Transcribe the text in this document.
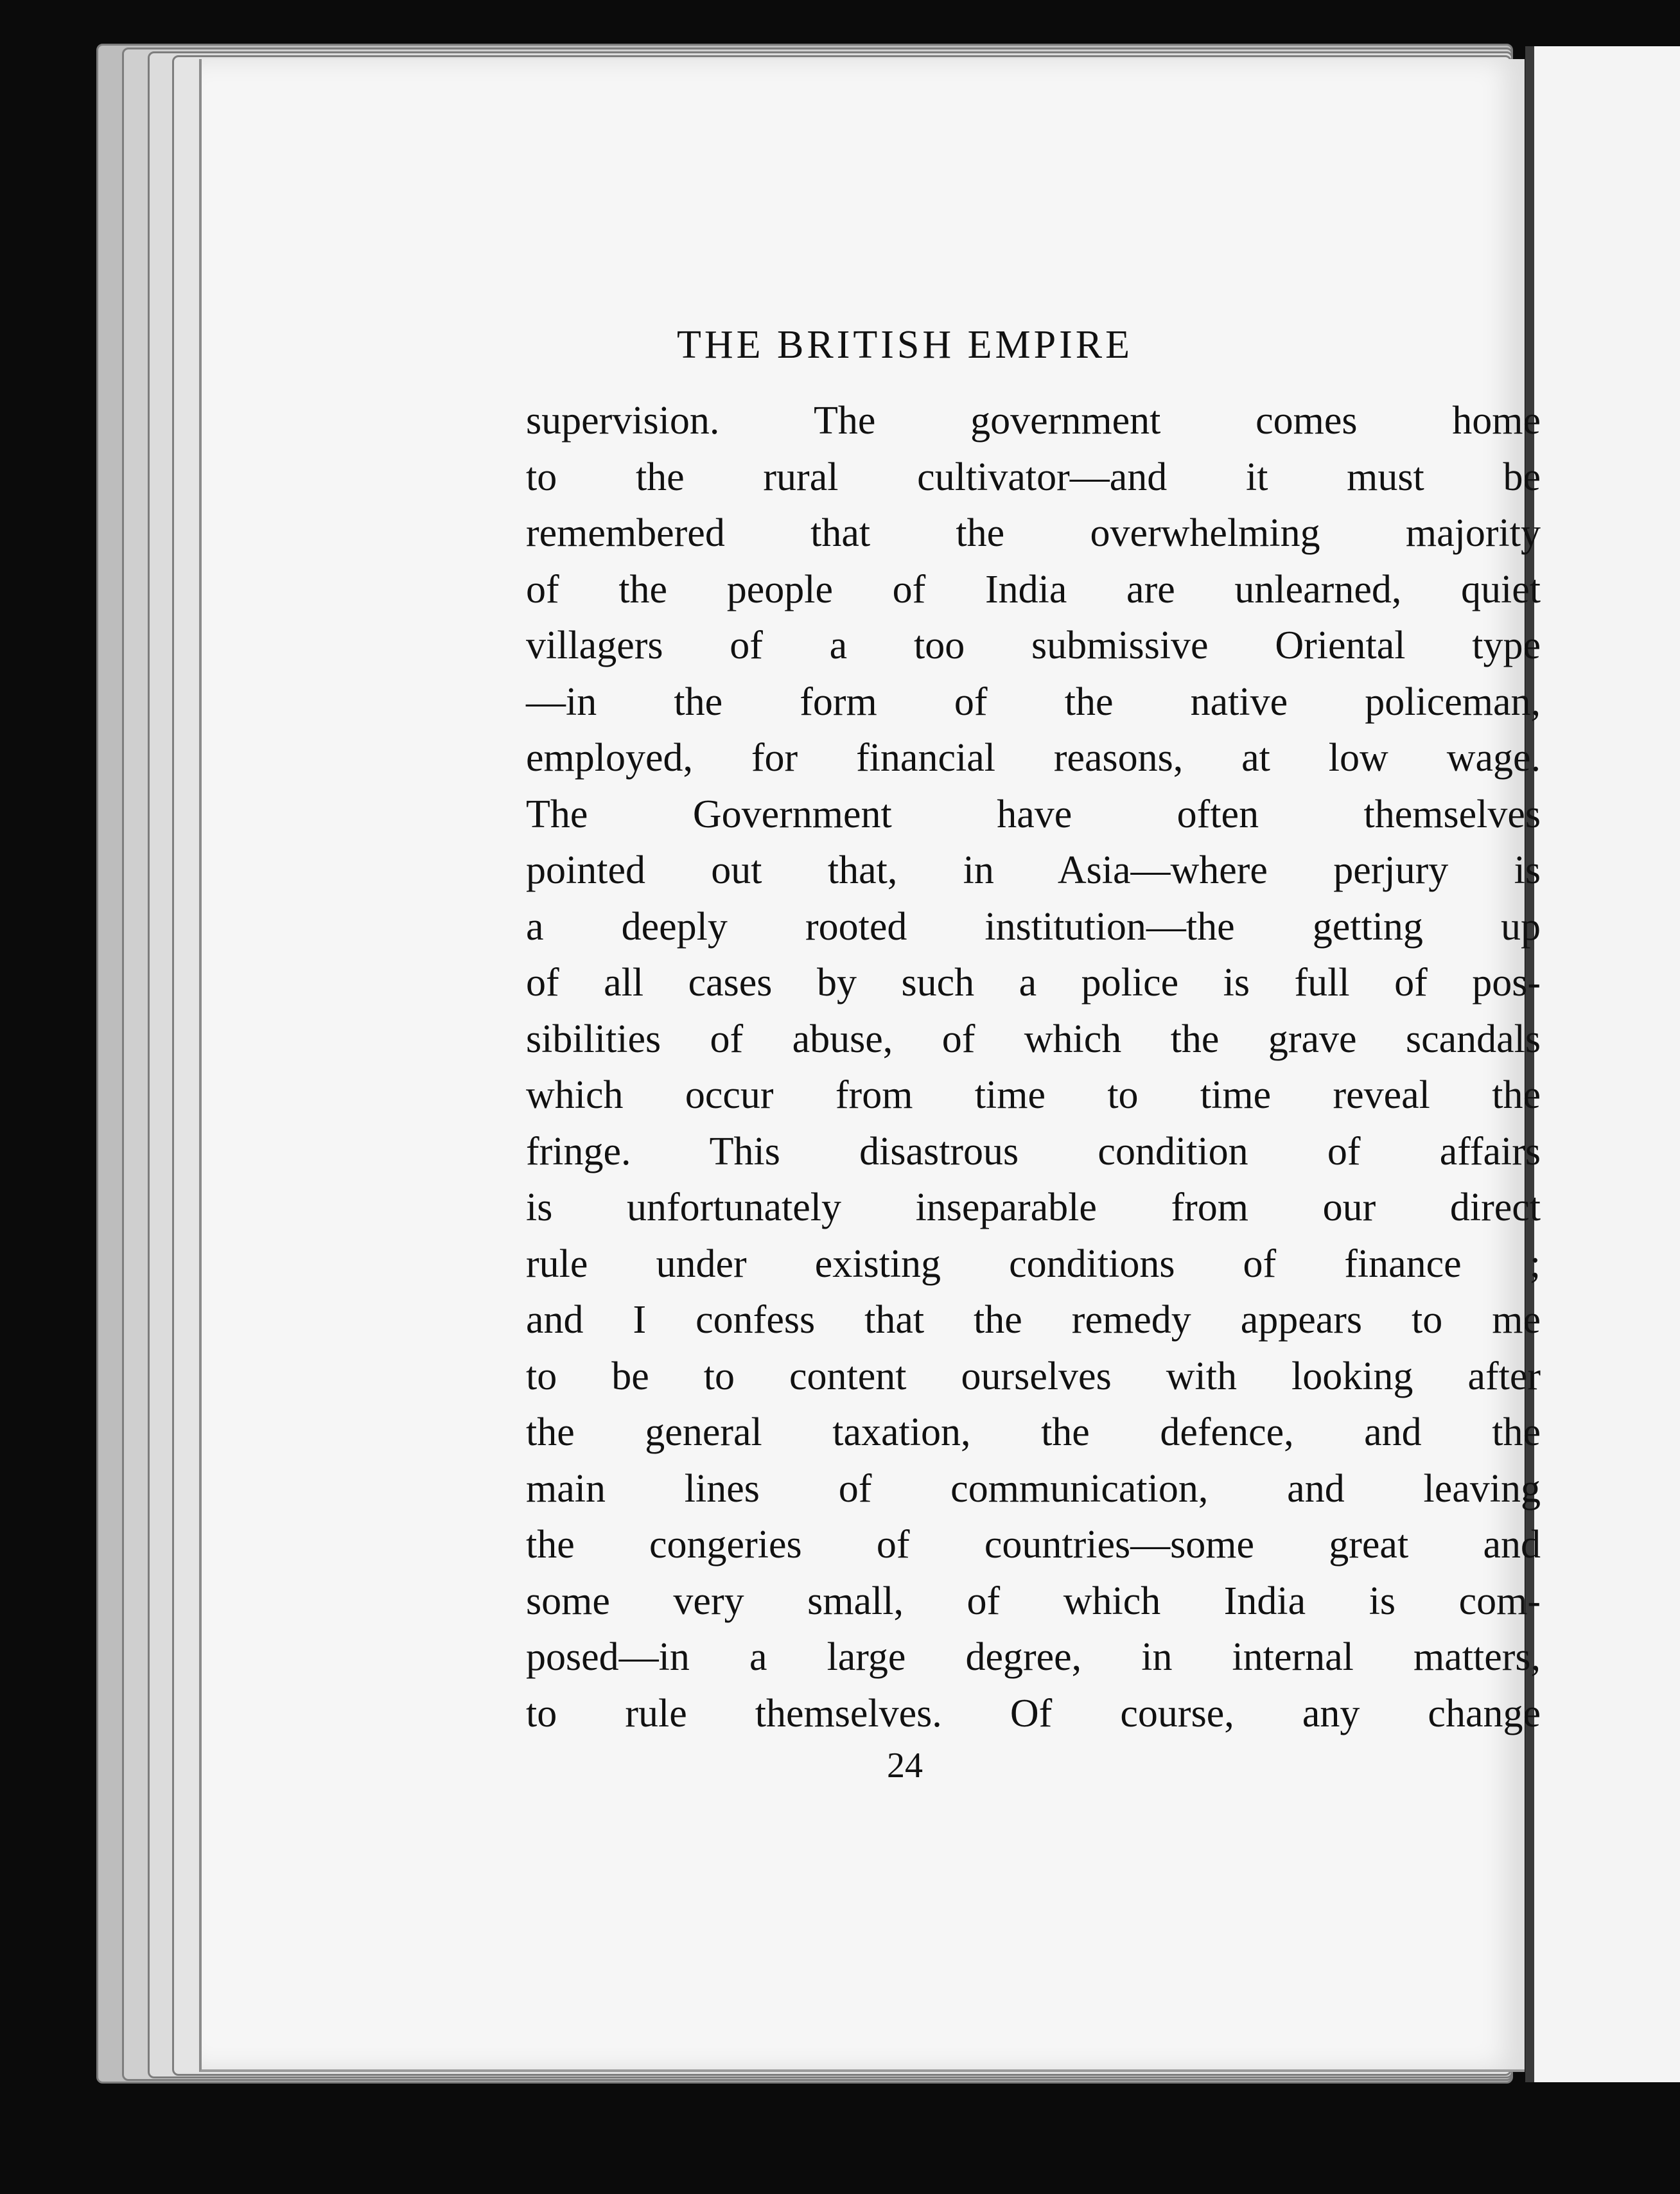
THE BRITISH EMPIRE
supervision. The government comes home
to the rural cultivator—and it must be
remembered that the overwhelming majority
of the people of India are unlearned, quiet
villagers of a too submissive Oriental type
—in the form of the native policeman,
employed, for financial reasons, at low wage.
The Government have often themselves
pointed out that, in Asia—where perjury is
a deeply rooted institution—the getting up
of all cases by such a police is full of pos-
sibilities of abuse, of which the grave scandals
which occur from time to time reveal the
fringe. This disastrous condition of affairs
is unfortunately inseparable from our direct
rule under existing conditions of finance ;
and I confess that the remedy appears to me
to be to content ourselves with looking after
the general taxation, the defence, and the
main lines of communication, and leaving
the congeries of countries—some great and
some very small, of which India is com-
posed—in a large degree, in internal matters,
to rule themselves. Of course, any change
24
